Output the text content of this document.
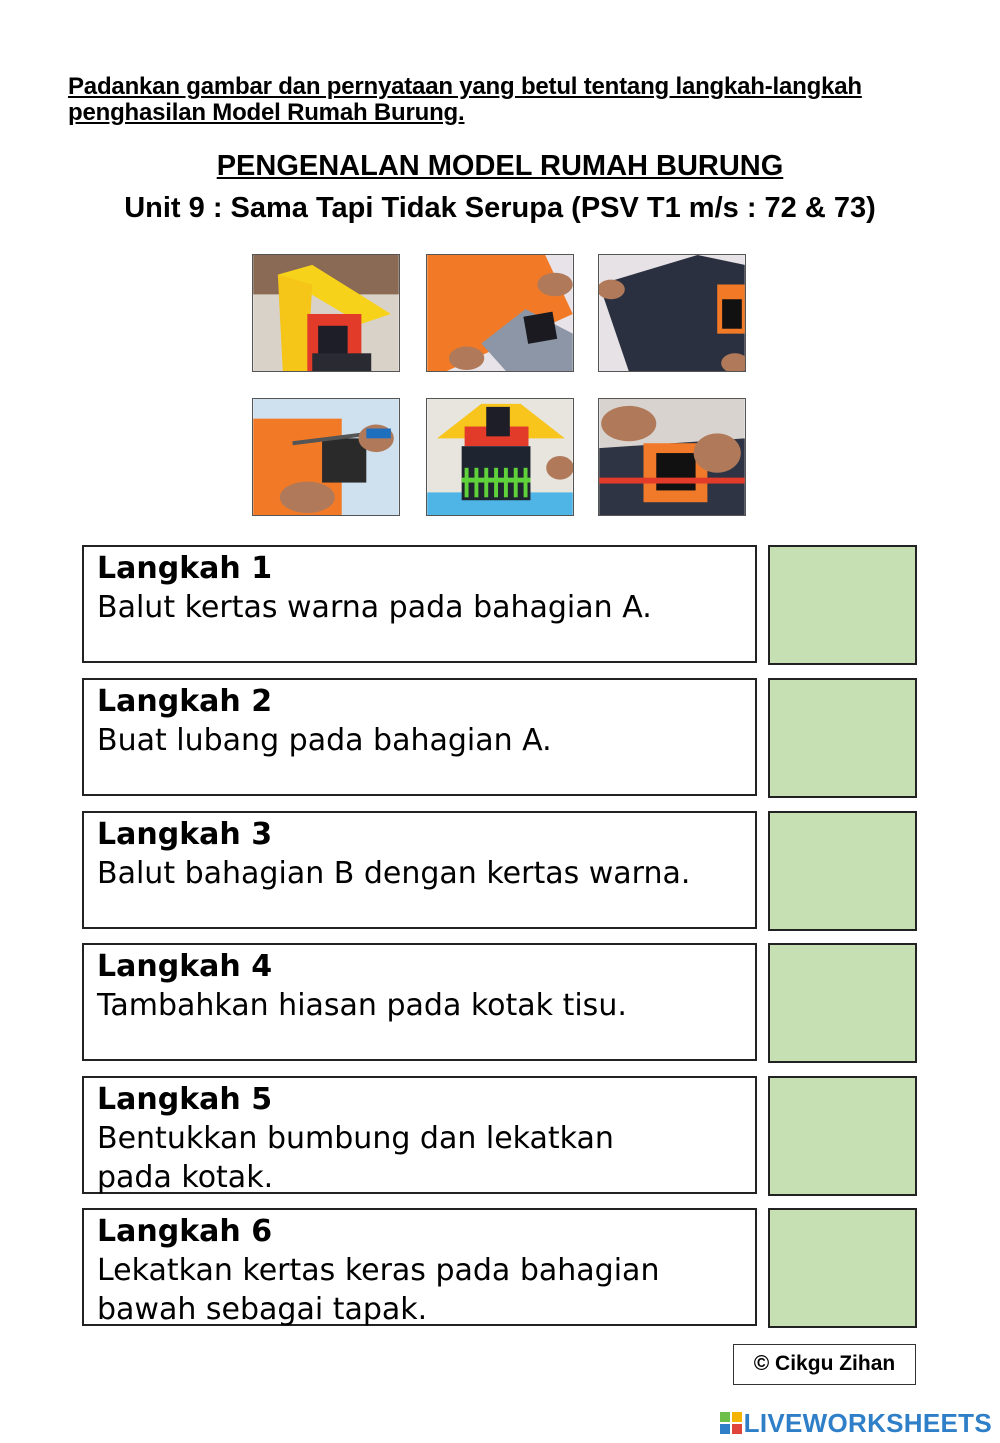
Padankan gambar dan pernyataan yang betul tentang langkah-langkah penghasilan Model Rumah Burung.
PENGENALAN MODEL RUMAH BURUNG
Unit 9 : Sama Tapi Tidak Serupa (PSV T1 m/s : 72 & 73)
Langkah 1
Balut kertas warna pada bahagian A.
Langkah 2
Buat lubang pada bahagian A.
Langkah 3
Balut bahagian B dengan kertas warna.
Langkah 4
Tambahkan hiasan pada kotak tisu.
Langkah 5
Bentukkan bumbung dan lekatkan pada kotak.
Langkah 6
Lekatkan kertas keras pada bahagian bawah sebagai tapak.
© Cikgu Zihan
LIVEWORKSHEETS
